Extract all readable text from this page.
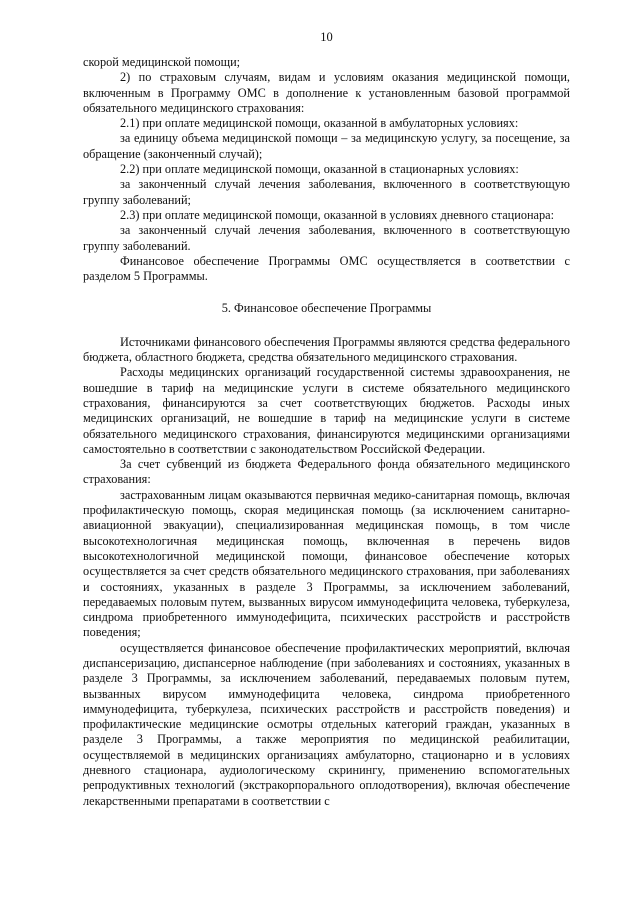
10

скорой медицинской помощи;

2) по страховым случаям, видам и условиям оказания медицинской помощи, включенным в Программу ОМС в дополнение к установленным базовой программой обязательного медицинского страхования:

2.1) при оплате медицинской помощи, оказанной в амбулаторных условиях:

за единицу объема медицинской помощи – за медицинскую услугу, за посещение, за обращение (законченный случай);

2.2) при оплате медицинской помощи, оказанной в стационарных условиях:

за законченный случай лечения заболевания, включенного в соответствующую группу заболеваний;

2.3) при оплате медицинской помощи, оказанной в условиях дневного стационара:

за законченный случай лечения заболевания, включенного в соответствующую группу заболеваний.

Финансовое обеспечение Программы ОМС осуществляется в соответствии с разделом 5 Программы.

5. Финансовое обеспечение Программы

Источниками финансового обеспечения Программы являются средства федерального бюджета, областного бюджета, средства обязательного медицинского страхования.

Расходы медицинских организаций государственной системы здравоохранения, не вошедшие в тариф на медицинские услуги в системе обязательного медицинского страхования, финансируются за счет соответствующих бюджетов. Расходы иных медицинских организаций, не вошедшие в тариф на медицинские услуги в системе обязательного медицинского страхования, финансируются медицинскими организациями самостоятельно в соответствии с законодательством Российской Федерации.

За счет субвенций из бюджета Федерального фонда обязательного медицинского страхования:

застрахованным лицам оказываются первичная медико-санитарная помощь, включая профилактическую помощь, скорая медицинская помощь (за исключением санитарно-авиационной эвакуации), специализированная медицинская помощь, в том числе высокотехнологичная медицинская помощь, включенная в перечень видов высокотехнологичной медицинской помощи, финансовое обеспечение которых осуществляется за счет средств обязательного медицинского страхования, при заболеваниях и состояниях, указанных в разделе 3 Программы, за исключением заболеваний, передаваемых половым путем, вызванных вирусом иммунодефицита человека, туберкулеза, синдрома приобретенного иммунодефицита, психических расстройств и расстройств поведения;

осуществляется финансовое обеспечение профилактических мероприятий, включая диспансеризацию, диспансерное наблюдение (при заболеваниях и состояниях, указанных в разделе 3 Программы, за исключением заболеваний, передаваемых половым путем, вызванных вирусом иммунодефицита человека, синдрома приобретенного иммунодефицита, туберкулеза, психических расстройств и расстройств поведения) и профилактические медицинские осмотры отдельных категорий граждан, указанных в разделе 3 Программы, а также мероприятия по медицинской реабилитации, осуществляемой в медицинских организациях амбулаторно, стационарно и в условиях дневного стационара, аудиологическому скринингу, применению вспомогательных репродуктивных технологий (экстракорпорального оплодотворения), включая обеспечение лекарственными препаратами в соответствии с
